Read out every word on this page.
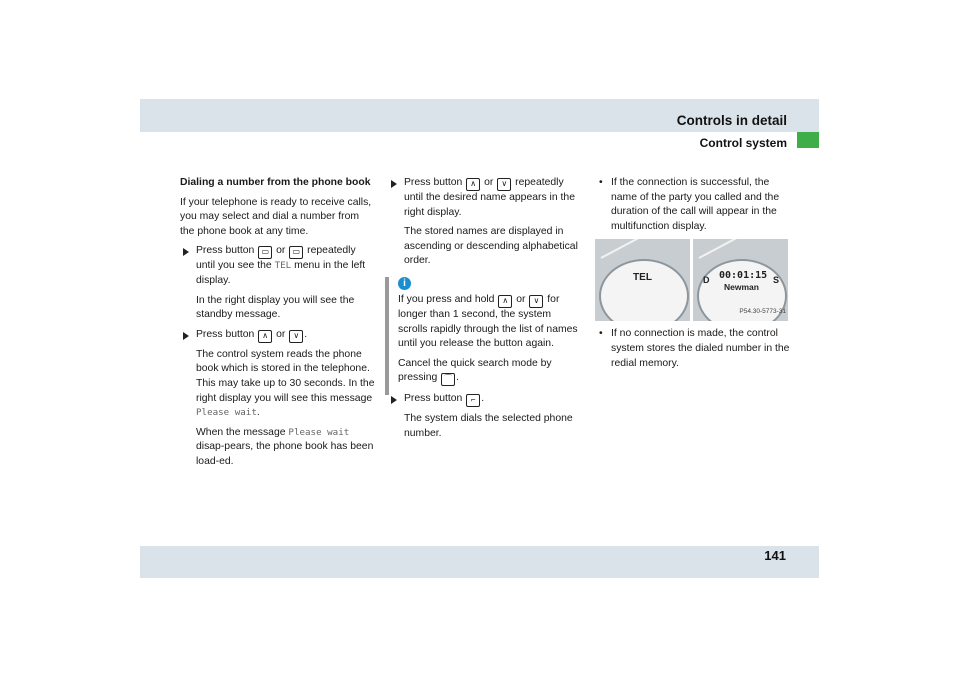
Controls in detail
Control system

Dialing a number from the phone book

If your telephone is ready to receive calls, you may select and dial a number from the phone book at any time.

Press button ▭ or ▭ repeatedly until you see the TEL menu in the left display.

In the right display you will see the standby message.

Press button ∧ or ∨ .

The control system reads the phone book which is stored in the telephone. This may take up to 30 seconds. In the right display you will see this message Please wait.

When the message Please wait disap-pears, the phone book has been load-ed.

Press button ∧ or ∨ repeatedly until the desired name appears in the right display.

The stored names are displayed in ascending or descending alphabetical order.

i

If you press and hold ∧ or ∨ for longer than 1 second, the system scrolls rapidly through the list of names until you release the button again.

Cancel the quick search mode by pressing ⌒ .

Press button ⌐ .

The system dials the selected phone number.

• If the connection is successful, the name of the party you called and the duration of the call will appear in the multifunction display.

TEL	00:01:15
Newman
D	S
P54.30-5773-31

• If no connection is made, the control system stores the dialed number in the redial memory.

141
